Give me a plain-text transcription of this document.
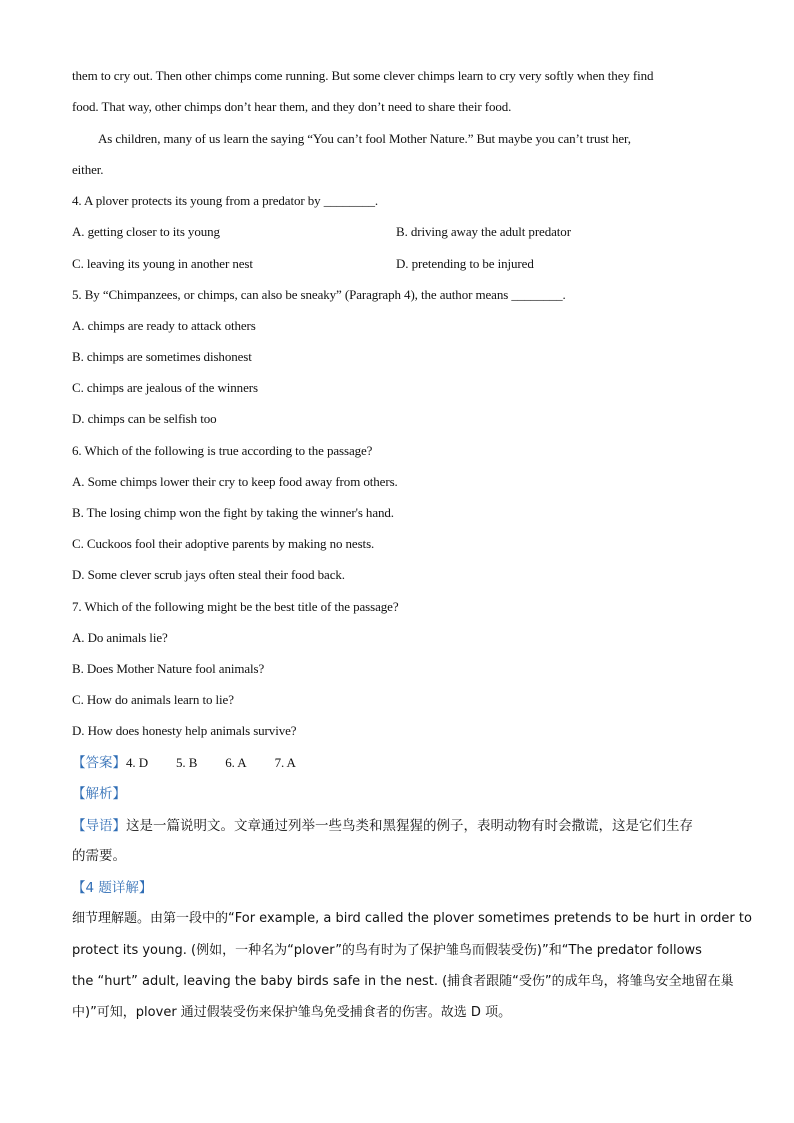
them to cry out. Then other chimps come running. But some clever chimps learn to cry very softly when they find
food. That way, other chimps don’t hear them, and they don’t need to share their food.
As children, many of us learn the saying “You can’t fool Mother Nature.” But maybe you can’t trust her,
either.
4. A plover protects its young from a predator by ________.
A. getting closer to its young	B. driving away the adult predator
C. leaving its young in another nest	D. pretending to be injured
5. By “Chimpanzees, or chimps, can also be sneaky” (Paragraph 4), the author means ________.
A. chimps are ready to attack others
B. chimps are sometimes dishonest
C. chimps are jealous of the winners
D. chimps can be selfish too
6. Which of the following is true according to the passage?
A. Some chimps lower their cry to keep food away from others.
B. The losing chimp won the fight by taking the winner's hand.
C. Cuckoos fool their adoptive parents by making no nests.
D. Some clever scrub jays often steal their food back.
7. Which of the following might be the best title of the passage?
A. Do animals lie?
B. Does Mother Nature fool animals?
C. How do animals learn to lie?
D. How does honesty help animals survive?
【答案】4. D 5. B 6. A 7. A
【解析】
【导语】这是一篇说明文。文章通过列举一些鸟类和黑猩猩的例子，表明动物有时会撒谎，这是它们生存
的需要。
【4 题详解】
细节理解题。由第一段中的“For example, a bird called the plover sometimes pretends to be hurt in order to
protect its young. (例如，一种名为“plover”的鸟有时为了保护雏鸟而假装受伤)”和“The predator follows
the “hurt” adult, leaving the baby birds safe in the nest. (捕食者跟随“受伤”的成年鸟，将雏鸟安全地留在巢
中)”可知，plover 通过假装受伤来保护雏鸟免受捕食者的伤害。故选 D 项。
